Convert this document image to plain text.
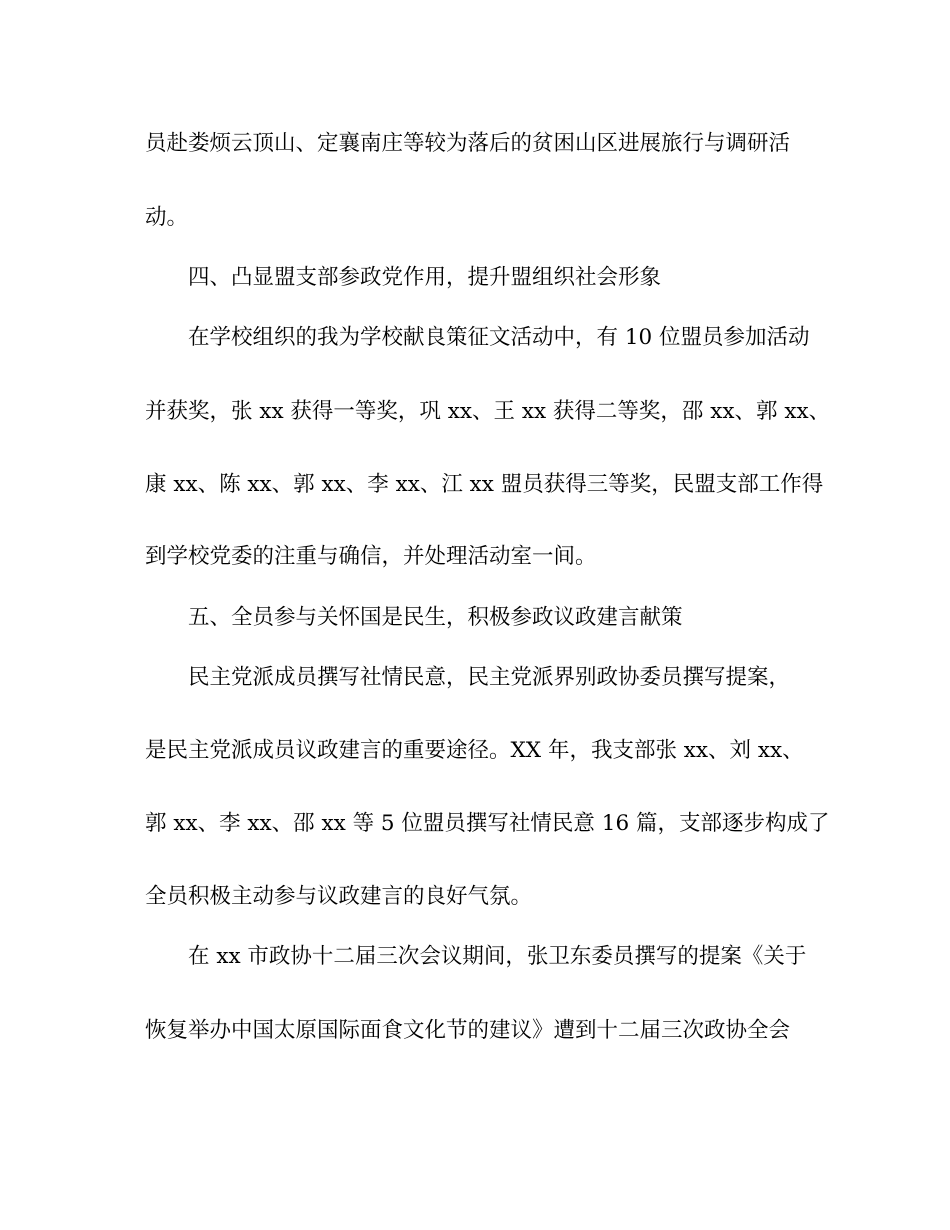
员赴娄烦云顶山、定襄南庄等较为落后的贫困山区进展旅行与调研活
动。
四、凸显盟支部参政党作用，提升盟组织社会形象
在学校组织的我为学校献良策征文活动中，有 10 位盟员参加活动
并获奖，张 xx 获得一等奖，巩 xx、王 xx 获得二等奖，邵 xx、郭 xx、
康 xx、陈 xx、郭 xx、李 xx、江 xx 盟员获得三等奖，民盟支部工作得
到学校党委的注重与确信，并处理活动室一间。
五、全员参与关怀国是民生，积极参政议政建言献策
民主党派成员撰写社情民意，民主党派界别政协委员撰写提案，
是民主党派成员议政建言的重要途径。XX 年，我支部张 xx、刘 xx、
郭 xx、李 xx、邵 xx 等 5 位盟员撰写社情民意 16 篇，支部逐步构成了
全员积极主动参与议政建言的良好气氛。
在 xx 市政协十二届三次会议期间，张卫东委员撰写的提案《关于
恢复举办中国太原国际面食文化节的建议》遭到十二届三次政协全会
